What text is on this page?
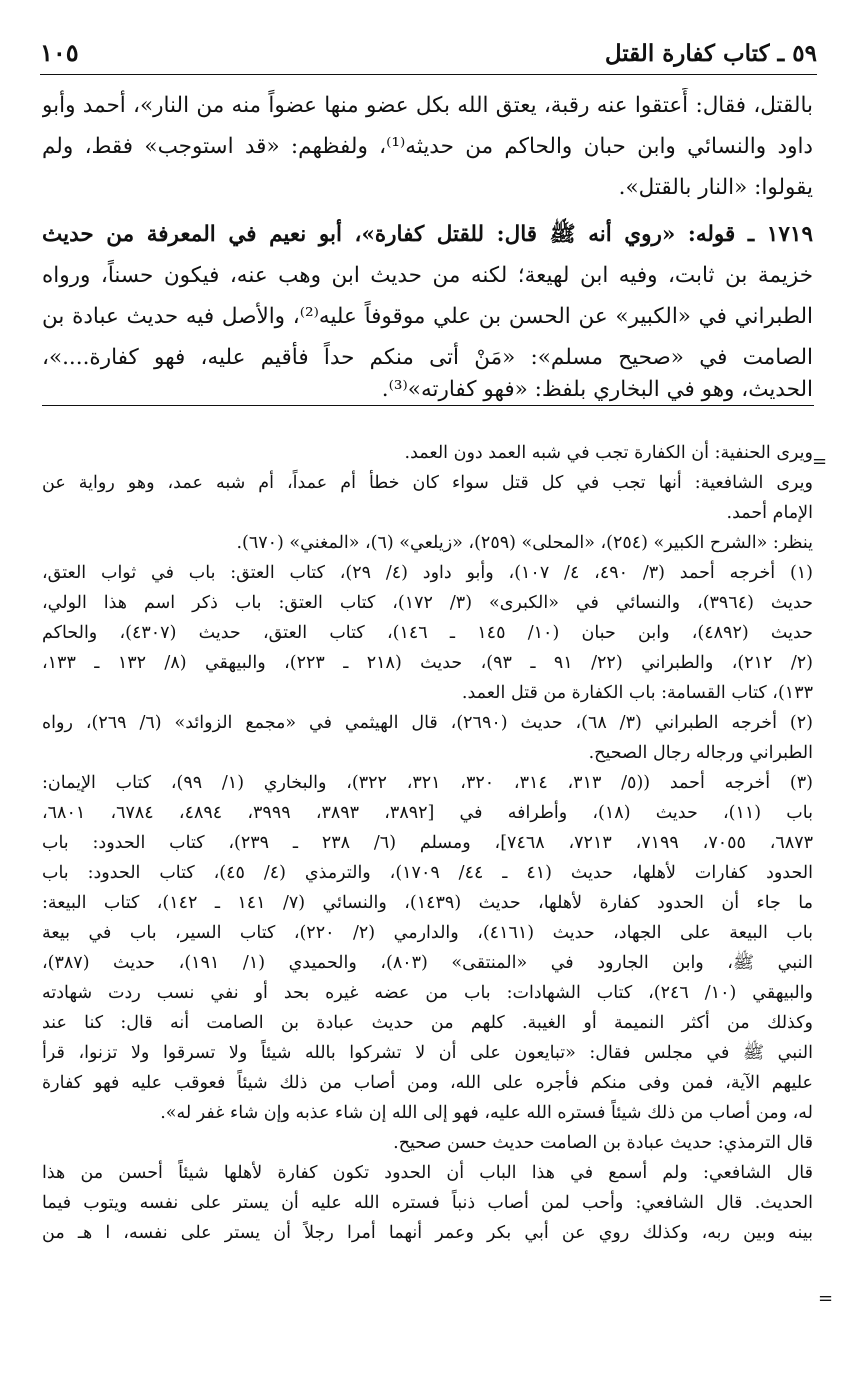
٥٩ ـ كتاب كفارة القتل
١٠٥
بالقتل، فقال: أَعتقوا عنه رقبة، يعتق الله بكل عضو منها عضواً منه من النار»، أحمد وأبو
داود والنسائي وابن حبان والحاكم من حديثه⁽¹⁾، ولفظهم: «قد استوجب» فقط، ولم
يقولوا: «النار بالقتل».
١٧١٩ ـ قوله: «روي أنه ﷺ قال: للقتل كفارة»، أبو نعيم في المعرفة من حديث
خزيمة بن ثابت، وفيه ابن لهيعة؛ لكنه من حديث ابن وهب عنه، فيكون حسناً، ورواه
الطبراني في «الكبير» عن الحسن بن علي موقوفاً عليه⁽²⁾، والأصل فيه حديث عبادة بن
الصامت في «صحيح مسلم»: «مَنْ أتى منكم حداً فأقيم عليه، فهو كفارة....»،
الحديث، وهو في البخاري بلفظ: «فهو كفارته»⁽³⁾.
=
ويرى الحنفية: أن الكفارة تجب في شبه العمد دون العمد.
ويرى الشافعية: أنها تجب في كل قتل سواء كان خطأ أم عمداً، أم شبه عمد، وهو رواية عن
الإمام أحمد.
ينظر: «الشرح الكبير» (٢٥٤)، «المحلى» (٢٥٩)، «زيلعي» (٦)، «المغني» (٦٧٠).
(١) أخرجه أحمد (٣/ ٤٩٠، ٤/ ١٠٧)، وأبو داود (٤/ ٢٩)، كتاب العتق: باب في ثواب العتق،
حديث (٣٩٦٤)، والنسائي في «الكبرى» (٣/ ١٧٢)، كتاب العتق: باب ذكر اسم هذا الولي،
حديث (٤٨٩٢)، وابن حبان (١٠/ ١٤٥ ـ ١٤٦)، كتاب العتق، حديث (٤٣٠٧)، والحاكم
(٢/ ٢١٢)، والطبراني (٢٢/ ٩١ ـ ٩٣)، حديث (٢١٨ ـ ٢٢٣)، والبيهقي (٨/ ١٣٢ ـ ١٣٣،
١٣٣)، كتاب القسامة: باب الكفارة من قتل العمد.
(٢) أخرجه الطبراني (٣/ ٦٨)، حديث (٢٦٩٠)، قال الهيثمي في «مجمع الزوائد» (٦/ ٢٦٩)، رواه
الطبراني ورجاله رجال الصحيح.
(٣) أخرجه أحمد ((٥/ ٣١٣، ٣١٤، ٣٢٠، ٣٢١، ٣٢٢)، والبخاري (١/ ٩٩)، كتاب الإيمان:
باب (١١)، حديث (١٨)، وأطرافه في [٣٨٩٢، ٣٨٩٣، ٣٩٩٩، ٤٨٩٤، ٦٧٨٤، ٦٨٠١،
٦٨٧٣، ٧٠٥٥، ٧١٩٩، ٧٢١٣، ٧٤٦٨]، ومسلم (٦/ ٢٣٨ ـ ٢٣٩)، كتاب الحدود: باب
الحدود كفارات لأهلها، حديث (٤١ ـ ٤٤/ ١٧٠٩)، والترمذي (٤/ ٤٥)، كتاب الحدود: باب
ما جاء أن الحدود كفارة لأهلها، حديث (١٤٣٩)، والنسائي (٧/ ١٤١ ـ ١٤٢)، كتاب البيعة:
باب البيعة على الجهاد، حديث (٤١٦١)، والدارمي (٢/ ٢٢٠)، كتاب السير، باب في بيعة
النبي ﷺ، وابن الجارود في «المنتقى» (٨٠٣)، والحميدي (١/ ١٩١)، حديث (٣٨٧)،
والبيهقي (١٠/ ٢٤٦)، كتاب الشهادات: باب من عضه غيره بحد أو نفي نسب ردت شهادته
وكذلك من أكثر النميمة أو الغيبة. كلهم من حديث عبادة بن الصامت أنه قال: كنا عند
النبي ﷺ في مجلس فقال: «تبايعون على أن لا تشركوا بالله شيئاً ولا تسرقوا ولا تزنوا، قرأ
عليهم الآية، فمن وفى منكم فأجره على الله، ومن أصاب من ذلك شيئاً فعوقب عليه فهو كفارة
له، ومن أصاب من ذلك شيئاً فستره الله عليه، فهو إلى الله إن شاء عذبه وإن شاء غفر له».
قال الترمذي: حديث عبادة بن الصامت حديث حسن صحيح.
قال الشافعي: ولم أسمع في هذا الباب أن الحدود تكون كفارة لأهلها شيئاً أحسن من هذا
الحديث. قال الشافعي: وأحب لمن أصاب ذنباً فستره الله عليه أن يستر على نفسه ويتوب فيما
بينه وبين ربه، وكذلك روي عن أبي بكر وعمر أنهما أمرا رجلاً أن يستر على نفسه، ا هـ من
=
